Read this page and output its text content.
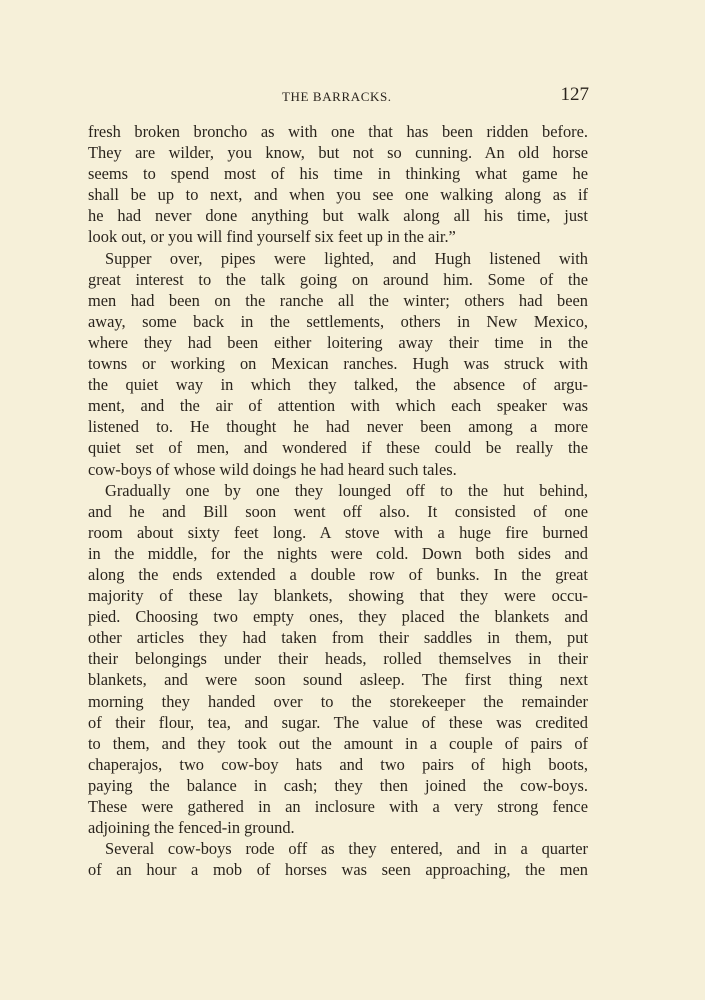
THE BARRACKS.	127
fresh broken broncho as with one that has been ridden before.
They are wilder, you know, but not so cunning. An old horse
seems to spend most of his time in thinking what game he
shall be up to next, and when you see one walking along as if
he had never done anything but walk along all his time, just
look out, or you will find yourself six feet up in the air.”
Supper over, pipes were lighted, and Hugh listened with
great interest to the talk going on around him. Some of the
men had been on the ranche all the winter; others had been
away, some back in the settlements, others in New Mexico,
where they had been either loitering away their time in the
towns or working on Mexican ranches. Hugh was struck with
the quiet way in which they talked, the absence of argu-
ment, and the air of attention with which each speaker was
listened to. He thought he had never been among a more
quiet set of men, and wondered if these could be really the
cow-boys of whose wild doings he had heard such tales.
Gradually one by one they lounged off to the hut behind,
and he and Bill soon went off also. It consisted of one
room about sixty feet long. A stove with a huge fire burned
in the middle, for the nights were cold. Down both sides and
along the ends extended a double row of bunks. In the great
majority of these lay blankets, showing that they were occu-
pied. Choosing two empty ones, they placed the blankets and
other articles they had taken from their saddles in them, put
their belongings under their heads, rolled themselves in their
blankets, and were soon sound asleep. The first thing next
morning they handed over to the storekeeper the remainder
of their flour, tea, and sugar. The value of these was credited
to them, and they took out the amount in a couple of pairs of
chaperajos, two cow-boy hats and two pairs of high boots,
paying the balance in cash; they then joined the cow-boys.
These were gathered in an inclosure with a very strong fence
adjoining the fenced-in ground.
Several cow-boys rode off as they entered, and in a quarter
of an hour a mob of horses was seen approaching, the men
